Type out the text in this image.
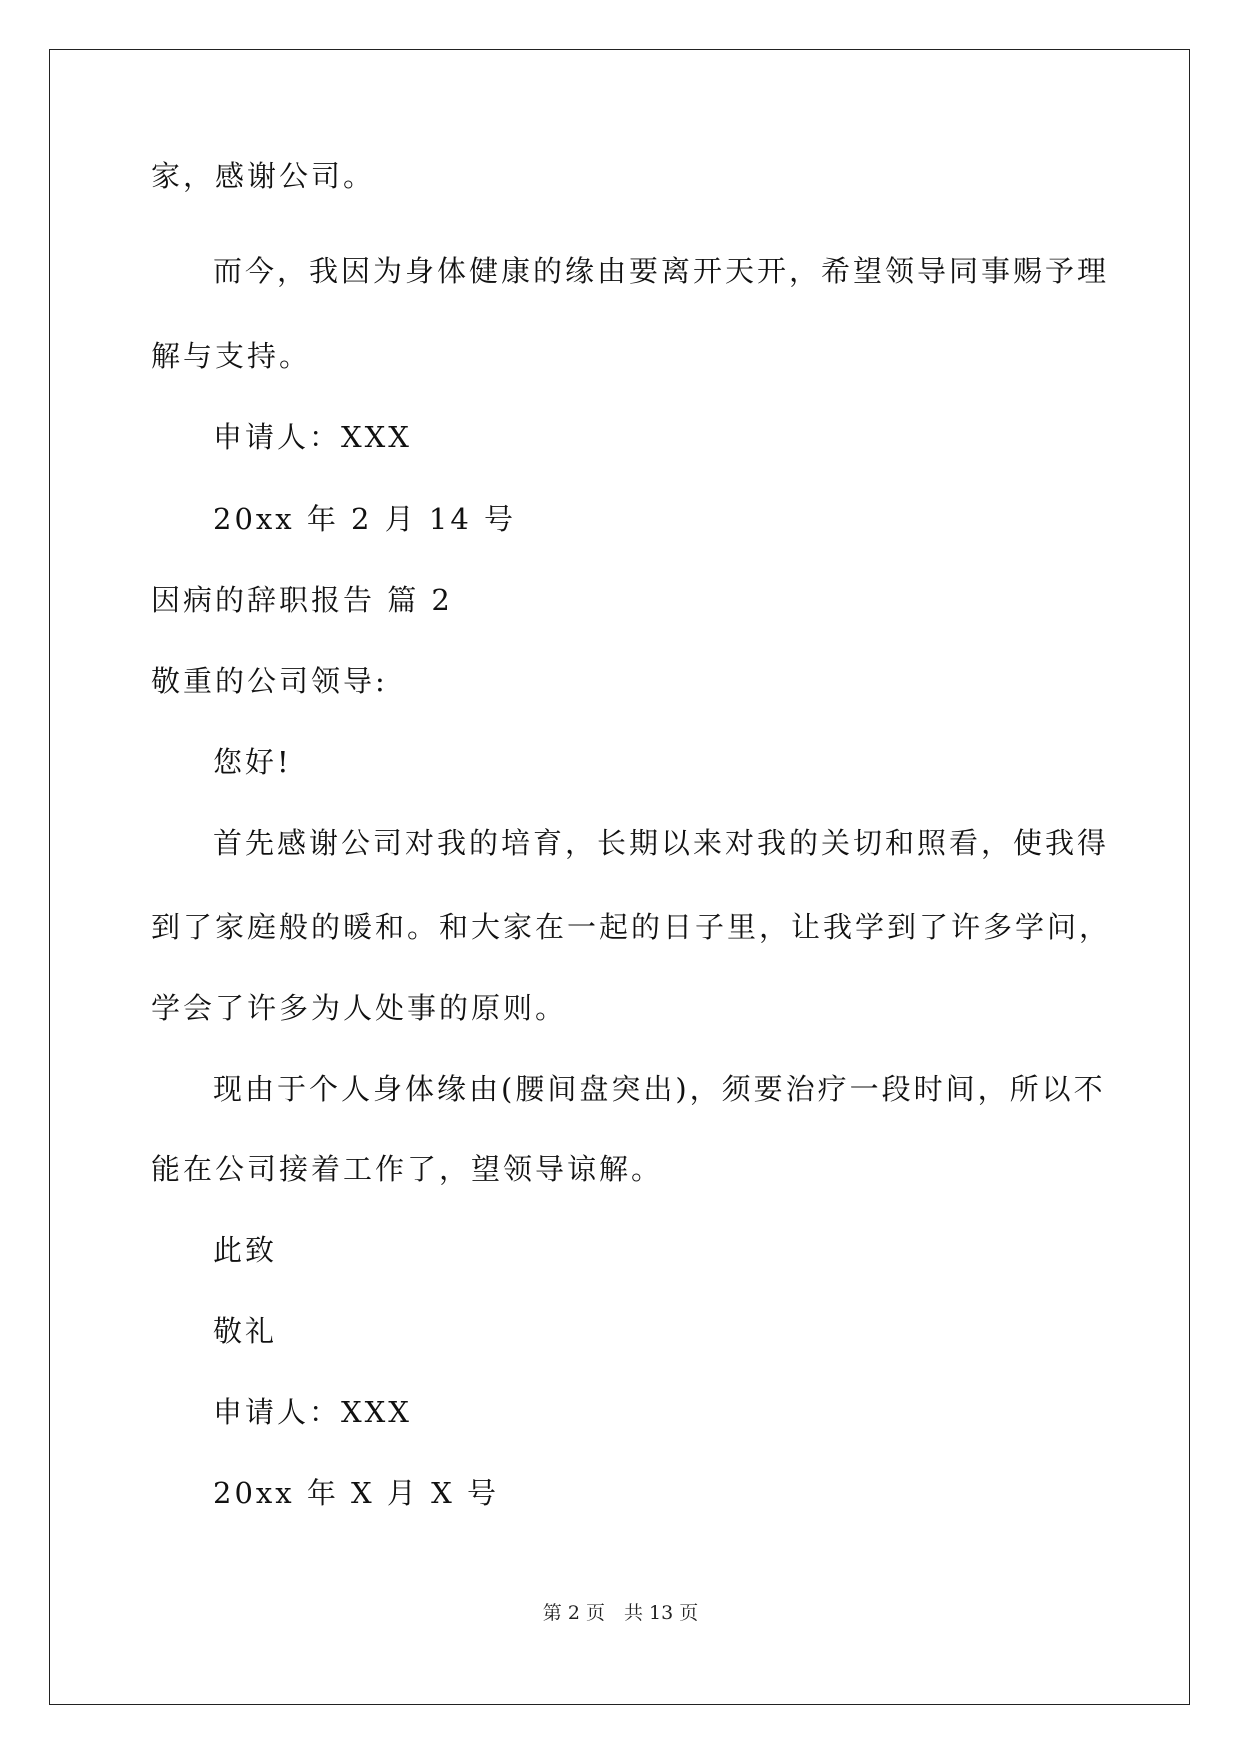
家，感谢公司。
而今，我因为身体健康的缘由要离开天开，希望领导同事赐予理
解与支持。
申请人：XXX
20xx 年 2 月 14 号
因病的辞职报告 篇 2
敬重的公司领导:
您好!
首先感谢公司对我的培育，长期以来对我的关切和照看，使我得
到了家庭般的暖和。和大家在一起的日子里，让我学到了许多学问，
学会了许多为人处事的原则。
现由于个人身体缘由(腰间盘突出)，须要治疗一段时间，所以不
能在公司接着工作了，望领导谅解。
此致
敬礼
申请人：XXX
20xx 年 X 月 X 号
第 2 页　共 13 页
